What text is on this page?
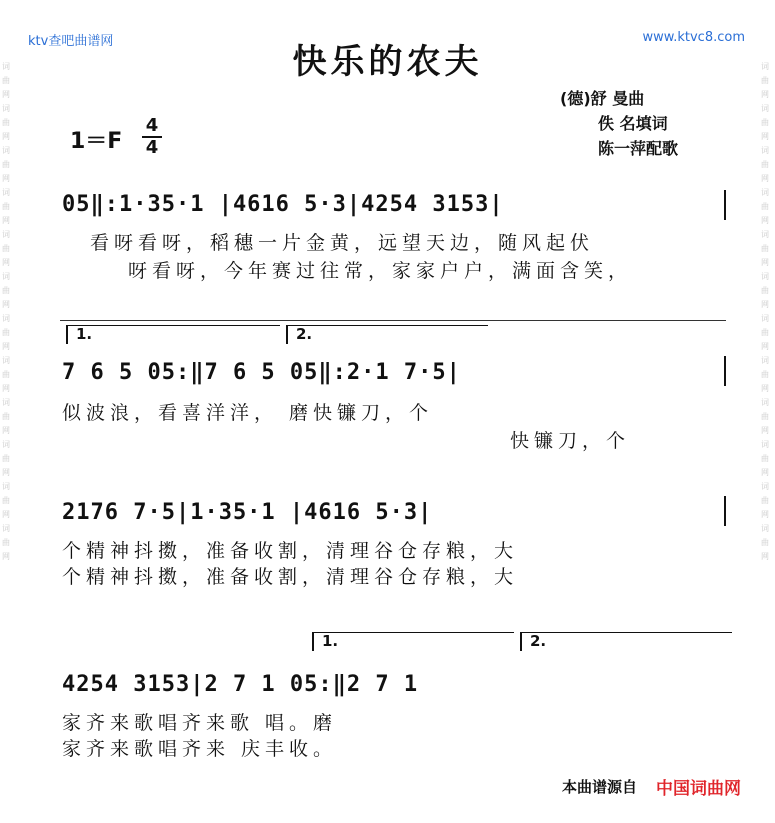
词曲网词曲网词曲网词曲网词曲网词曲网词曲网词曲网词曲网词曲网词曲网词曲网
词曲网词曲网词曲网词曲网词曲网词曲网词曲网词曲网词曲网词曲网词曲网词曲网
ktv查吧曲谱网	www.ktvc8.com
快乐的农夫
(德)舒 曼曲
佚 名填词
陈一萍配歌
1＝F
4
4
05‖:1·35·1 |4616 5·3|4254 3153|
看呀看呀，稻穗一片金黄，远望天边，随风起伏
呀看呀，今年赛过往常，家家户户，满面含笑，
1.	2.
7 6 5 05:‖7 6 5 05‖:2·1 7·5|
似波浪，看喜洋洋， 磨快镰刀，个
快镰刀，个
2176 7·5|1·35·1 |4616 5·3|
个精神抖擞，准备收割，清理谷仓存粮，大
个精神抖擞，准备收割，清理谷仓存粮，大
1.	2.
4254 3153|2 7 1 05:‖2 7 1
家齐来歌唱齐来歌 唱。磨
家齐来歌唱齐来 庆丰收。
本曲谱源自 中国词曲网
